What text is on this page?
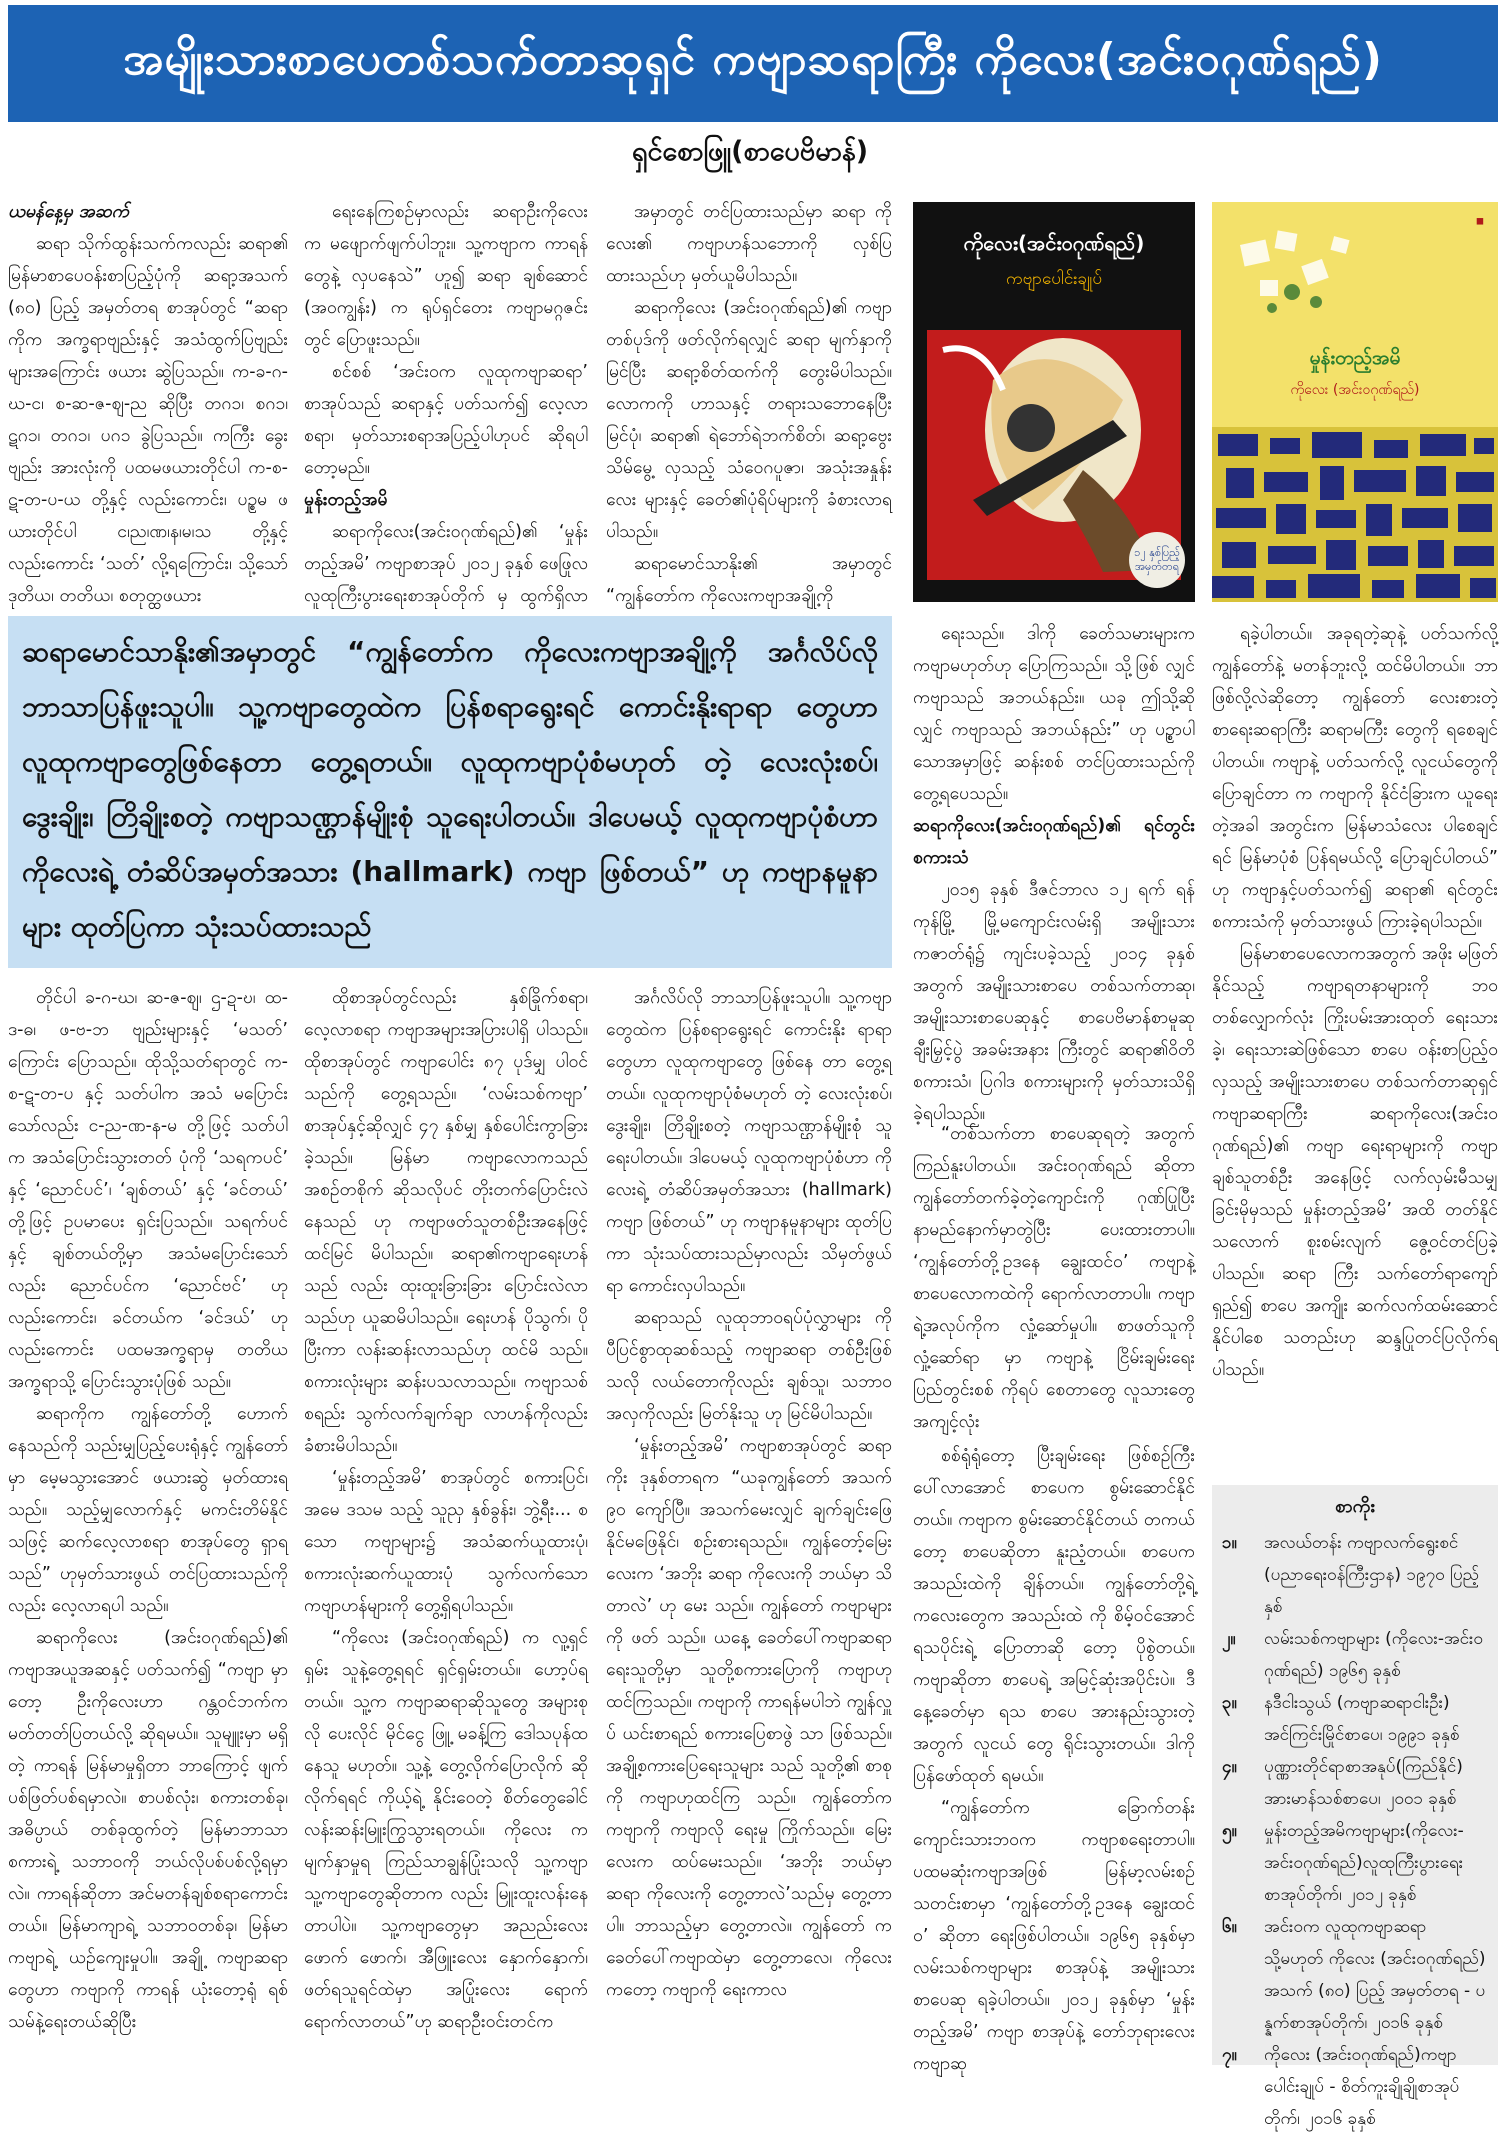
အမျိုးသားစာပေတစ်သက်တာဆုရှင် ကဗျာဆရာကြီး ကိုလေး(အင်းဝဂုဏ်ရည်)
ရှင်စောဖြူ(စာပေဗိမာန်)

ယမန်နေ့မှ အဆက်

ဆရာ သိုက်ထွန်းသက်ကလည်း ဆရာ၏ မြန်မာစာပေဝန်းစာပြည့်ပုံကို ဆရာ့အသက် (၈၀) ပြည့် အမှတ်တရ စာအုပ်တွင် “ဆရာကိုက အက္ခရာဗျည်းနှင့် အသံထွက်ပြဗျည်းများအကြောင်း ဖယား ဆွဲပြသည်။ က-ခ-ဂ-ဃ-င၊ စ-ဆ-ဇ-ဈ-ည ဆိုပြီး တဂ၁၊ စဂ၁၊ ဋဂ၁၊ တဂ၁၊ ပဂ၁ ခွဲပြသည်။ ကကြီး ခွေး ဗျည်း အားလုံးကို ပထမဖယားတိုင်ပါ က-စ-ဋ-တ-ပ-ယ တို့နှင့် လည်းကောင်း၊ ပဉ္စမ ဖယားတိုင်ပါ င၊ည၊ဏ၊န၊မ၊သ တို့နှင့် လည်းကောင်း ‘သတ်’ လို့ရကြောင်း၊ သို့သော် ဒုတိယ၊ တတိယ၊ စတုတ္ထဖယား

ရေးနေကြစဉ်မှာလည်း ဆရာဦးကိုလေး က မဖျောက်ဖျက်ပါဘူး။ သူ့ကဗျာက ကာရန်တွေနဲ့ လှပနေသဲ” ဟူ၍ ဆရာ ချစ်ဆောင် (အဝကျွန်း) က ရုပ်ရှင်တေး ကဗျာမဂ္ဂဇင်းတွင် ပြောဖူးသည်။

စင်စစ် ‘အင်းဝက လူထုကဗျာဆရာ’ စာအုပ်သည် ဆရာနှင့် ပတ်သက်၍ လေ့လာစရာ၊ မှတ်သားစရာအပြည့်ပါဟုပင် ဆိုရပါတော့မည်။

မှုန်းတည့်အမိ

ဆရာကိုလေး(အင်းဝဂုဏ်ရည်)၏ ‘မှုန်းတည့်အမိ’ ကဗျာစာအုပ် ၂၀၁၂ ခုနှစ် ဖေဖြုလ လူထုကြီးပွားရေးစာအုပ်တိုက် မှ ထွက်ရှိလာ

အမှာတွင် တင်ပြထားသည်မှာ ဆရာ ကိုလေး၏ ကဗျာဟန်သဘောကို လှစ်ပြ ထားသည်ဟု မှတ်ယူမိပါသည်။

ဆရာကိုလေး (အင်းဝဂုဏ်ရည်)၏ ကဗျာတစ်ပုဒ်ကို ဖတ်လိုက်ရလျှင် ဆရာ မျက်နှာကိုမြင်ပြီး ဆရာ့စိတ်ထက်ကို တွေးမိပါသည်။ လောကကို ဟာသနှင့် တရားသဘောနေပြီး မြင်ပုံ၊ ဆရာ၏ ရဲဘော်ရဲဘက်စိတ်၊ ဆရာ့ဗွေး သိမ်မွေ့ လှသည့် သံဝေဂပူဇာ၊ အသုံးအနှုန်းလေး များနှင့် ခေတ်၏ပုံရိပ်များကို ခံစားလာရ ပါသည်။

ဆရာမောင်သာနိုး၏ အမှာတွင် “ကျွန်တော်က ကိုလေးကဗျာအချို့ကို

ကိုလေး(အင်းဝဂုဏ်ရည်)
ကဗျာပေါင်းချုပ်
၁၂ နှစ်ပြည့် အမှတ်တရ
◼
မှုန်းတည့်အမိ
ကိုလေး (အင်းဝဂုဏ်ရည်)
ဆရာမောင်သာနိုး၏အမှာတွင် “ကျွန်တော်က ကိုလေးကဗျာအချို့ကို အင်္ဂလိပ်လို ဘာသာပြန်ဖူးသူပါ။ သူ့ကဗျာတွေထဲက ပြန်စရာရွေးရင် ကောင်းနိုးရာရာ တွေဟာ လူထုကဗျာတွေဖြစ်နေတာ တွေ့ရတယ်။ လူထုကဗျာပုံစံမဟုတ် တဲ့ လေးလုံးစပ်၊ ဒွေးချိုး၊ တြိချိုးစတဲ့ ကဗျာသဏ္ဌာန်မျိုးစုံ သူရေးပါတယ်။ ဒါပေမယ့် လူထုကဗျာပုံစံဟာ ကိုလေးရဲ့ တံဆိပ်အမှတ်အသား (hallmark) ကဗျာ ဖြစ်တယ်” ဟု ကဗျာနမူနာများ ထုတ်ပြကာ သုံးသပ်ထားသည်

ရေးသည်။ ဒါကို ခေတ်သမားများက ကဗျာမဟုတ်ဟု ပြောကြသည်။ သို့ဖြစ် လျှင် ကဗျာသည် အဘယ်နည်း။ ယခု ဤသို့ဆိုလျှင် ကဗျာသည် အဘယ်နည်း” ဟု ပဉ္စာပါသောအမှာဖြင့် ဆန်းစစ် တင်ပြထားသည်ကို တွေ့ရပေသည်။

ဆရာကိုလေး(အင်းဝဂုဏ်ရည်)၏ ရင်တွင်းစကားသံ

၂၀၁၅ ခုနှစ် ဒီဇင်ဘာလ ၁၂ ရက် ရန်ကုန်မြို့ မြို့မကျောင်းလမ်းရှိ အမျိုးသားကဇာတ်ရုံ၌ ကျင်းပခဲ့သည့် ၂၀၁၄ ခုနှစ်အတွက် အမျိုးသားစာပေ တစ်သက်တာဆု၊ အမျိုးသားစာပေဆုနှင့် စာပေဗိမာန်စာမူဆုချီးမြှင့်ပွဲ အခမ်းအနား ကြီးတွင် ဆရာ၏ဝိတိစကားသံ၊ ပြဂါဒ စကားများကို မှတ်သားသိရှိခဲ့ရပါသည်။

ရခဲ့ပါတယ်။ အခုရတဲ့ဆုနဲ့ ပတ်သက်လို့ ကျွန်တော်နဲ့ မတန်ဘူးလို့ ထင်မိပါတယ်။ ဘာဖြစ်လို့လဲဆိုတော့ ကျွန်တော် လေးစားတဲ့ စာရေးဆရာကြီး ဆရာမကြီး တွေကို ရစေချင်ပါတယ်။ ကဗျာနဲ့ ပတ်သက်လို့ လူငယ်တွေကို ပြောချင်တာ က ကဗျာကို နိုင်ငံခြားက ယူရေးတဲ့အခါ အတွင်းက မြန်မာသံလေး ပါစေချင်ရင် မြန်မာပုံစံ ပြန်ရမယ်လို့ ပြောချင်ပါတယ်” ဟု ကဗျာနှင့်ပတ်သက်၍ ဆရာ၏ ရင်တွင်းစကားသံကို မှတ်သားဖွယ် ကြားခဲ့ရပါသည်။

မြန်မာစာပေလောကအတွက် အဖိုး မဖြတ်နိုင်သည့် ကဗျာရတနာများကို ဘဝ တစ်လျှောက်လုံး ကြိုးပမ်းအားထုတ် ရေးသားခဲ့၊ ရေးသားဆဲဖြစ်သော စာပေ ဝန်းစာပြည့်ဝလှသည့် အမျိုးသားစာပေ တစ်သက်တာဆုရှင် ကဗျာဆရာကြီး ဆရာကိုလေး(အင်းဝဂုဏ်ရည်)၏ ကဗျာ ရေးရာများကို ကဗျာချစ်သူတစ်ဦး အနေဖြင့် လက်လှမ်းမီသမျှ ခြင်းမိုမှသည် မှုန်းတည့်အမိ’ အထိ တတ်နိုင်သလောက် စူးစမ်းလျက် ဇွေ့ဝင်တင်ပြခဲ့ပါသည်။ ဆရာ ကြီး သက်တော်ရာကျော်ရှည်၍ စာပေ အကျိုး ဆက်လက်ထမ်းဆောင်နိုင်ပါစေ သတည်းဟု ဆန္ဒပြုတင်ပြလိုက်ရပါသည်။

တိုင်ပါ ခ-ဂ-ဃ၊ ဆ-ဇ-ဈ၊ ဌ-ဍ-ဎ၊ ထ-ဒ-ဓ၊ ဖ-ဗ-ဘ ဗျည်းများနှင့် ‘မသတ်’ ကြောင်း ပြောသည်။ ထိုသို့သတ်ရာတွင် က-စ-ဋ-တ-ပ နှင့် သတ်ပါက အသံ မပြောင်းသော်လည်း င-ည-ဏ-န-မ တို့ဖြင့် သတ်ပါက အသံပြောင်းသွားတတ် ပုံကို ‘သရကပင်’ နှင့် ‘ညောင်ပင်’၊ ‘ချစ်တယ်’ နှင့် ‘ခင်တယ်’ တို့ဖြင့် ဥပမာပေး ရှင်းပြသည်။ သရက်ပင်နှင့် ချစ်တယ်တို့မှာ အသံမပြောင်းသော် လည်း ညောင်ပင်က ‘ညောင်ဗင်’ ဟု လည်းကောင်း၊ ခင်တယ်က ‘ခင်ဒယ်’ ဟုလည်းကောင်း ပထမအက္ခရာမှ တတိယအက္ခရာသို့ ပြောင်းသွားပုံဖြစ် သည်။

ဆရာကိုက ကျွန်တော်တို့ ဟောက်နေသည်ကို သည်းမျှပြည့်ပေးရုံနှင့် ကျွန်တော်မှာ မေ့မသွားအောင် ဖယားဆွဲ မှတ်ထားရသည်။ သည့်မျှလောက်နှင့် မကင်းတိမ်နိုင်သဖြင့် ဆက်လေ့လာစရာ စာအုပ်တွေ ရှာရသည်” ဟုမှတ်သားဖွယ် တင်ပြထားသည်ကိုလည်း လေ့လာရပါ သည်။

ဆရာကိုလေး (အင်းဝဂုဏ်ရည်)၏ ကဗျာအယူအဆနှင့် ပတ်သက်၍ “ကဗျာ မှာတော့ ဦးကိုလေးဟာ ဂန္တဝင်ဘက်က မတ်တတ်ပြတယ်လို့ ဆိုရမယ်။ သူမျူးမှာ မရှိတဲ့ ကာရန် မြန်မာမှုရှိတာ ဘာကြောင့် ဖျက်ပစ်ဖြတ်ပစ်ရမှာလဲ။ စာပစ်လုံး၊ စကားတစ်ခု၊ အဓိပ္ပာယ် တစ်ခုထွက်တဲ့ မြန်မာဘာသာစကားရဲ့ သဘာဝကို ဘယ်လိုပစ်ပစ်လို့ရမှာလဲ။ ကာရန်ဆိုတာ အင်မတန်ချစ်စရာကောင်း တယ်။ မြန်မာကျာရဲ့ သဘာဝတစ်ခု၊ မြန်မာကဗျာရဲ့ ယဉ်ကျေးမှုပါ။ အချို့ ကဗျာဆရာတွေဟာ ကဗျာကို ကာရန် ယုံးတော့ရုံ ရစ်သမ်နဲ့ရေးတယ်ဆိုပြီး

ထိုစာအုပ်တွင်လည်း နှစ်ခြိုက်စရာ၊ လေ့လာစရာ ကဗျာအများအပြားပါရှိ ပါသည်။ ထိုစာအုပ်တွင် ကဗျာပေါင်း ၈၇ ပုဒ်မျှ ပါဝင်သည်ကို တွေ့ရသည်။ ‘လမ်းသစ်ကဗျာ’ စာအုပ်နှင့်ဆိုလျှင် ၄၇ နှစ်မျှ နှစ်ပေါင်းကွာခြားခဲ့သည်။ မြန်မာ ကဗျာလောကသည် အစဉ်တစိုက် ဆိုသလိုပင် တိုးတက်ပြောင်းလဲနေသည် ဟု ကဗျာဖတ်သူတစ်ဦးအနေဖြင့် ထင်မြင် မိပါသည်။ ဆရာ၏ကဗျာရေးဟန်သည် လည်း ထုးထူးခြားခြား ပြောင်းလဲလာ သည်ဟု ယူဆမိပါသည်။ ရေးဟန် ပိုသွက်၊ ပိုပြီးကာ လန်းဆန်းလာသည်ဟု ထင်မိ သည်။ စကားလုံးများ ဆန်းပသလာသည်။ ကဗျာသစ်စရည်း သွက်လက်ချက်ချာ လာဟန်ကိုလည်း ခံစားမိပါသည်။

‘မှုန်းတည့်အမိ’ စာအုပ်တွင် စကားပြင်၊ အမေ ဒသမ သည့် သူညှ နှစ်ခွန်း၊ ဘွဲ့ရီး... စသော ကဗျာများ၌ အသံဆက်ယူထားပုံ၊ စကားလုံးဆက်ယူထားပုံ သွက်လက်သော ကဗျာဟန်များကို တွေ့ရှိရပါသည်။

“ကိုလေး (အင်းဝဂုဏ်ရည်) က လူ့ရှင်ရှမ်း သူနဲ့တွေ့ရရင် ရှင်ရှမ်းတယ်။ ဟော့ပ်ရတယ်။ သူ့က ကဗျာဆရာဆိုသူတွေ အများစုလို ပေးလိုင် မိုင်ငွေ ဖြူ့ မခန့်ကြ ဒေါသပုန်ထနေသူ မဟုတ်။ သူ့နဲ့ တွေ့လိုက်ပြောလိုက် ဆိုလိုက်ရရင် ကိုယ့်ရဲ့ နိုင်းဝေတဲ့ စိတ်တွေခေါင် လန်းဆန်းမြူးကြွသွားရတယ်။ ကိုလေး က မျက်နှာမှုရ ကြည်သာချွန်ပြုံးသလို သူ့ကဗျာ သူ့ကဗျာတွေဆိုတာက လည်း မြူးထူးလန်းနေတာပါပဲ။ သူ့ကဗျာတွေမှာ အညည်းလေး ဖောက် ဖောက်၊ အီဖြူးလေး နှောက်နှောက်၊ ဖတ်ရသူရင်ထဲမှာ အပြုံးလေး ရောက် ရောက်လာတယ်”ဟု ဆရာဦးဝင်းတင်က

အင်္ဂလိပ်လို ဘာသာပြန်ဖူးသူပါ။ သူ့ကဗျာ တွေထဲက ပြန်စရာရွေးရင် ကောင်းနိုး ရာရာတွေဟာ လူထုကဗျာတွေ ဖြစ်နေ တာ တွေ့ရတယ်။ လူထုကဗျာပုံစံမဟုတ် တဲ့ လေးလုံးစပ်၊ ဒွေးချိုး၊ တြိချိုးစတဲ့ ကဗျာသဏ္ဌာန်မျိုးစုံ သူရေးပါတယ်။ ဒါပေမယ့် လူထုကဗျာပုံစံဟာ ကိုလေးရဲ့ တံဆိပ်အမှတ်အသား (hallmark) ကဗျာ ဖြစ်တယ်” ဟု ကဗျာနမူနာများ ထုတ်ပြ ကာ သုံးသပ်ထားသည်မှာလည်း သိမှတ်ဖွယ် ရာ ကောင်းလှပါသည်။

ဆရာသည် လူထုဘာဝရပ်ပုံလွှာများ ကို ပီပြင်စွာထုဆစ်သည့် ကဗျာဆရာ တစ်ဦးဖြစ်သလို လယ်တောကိုလည်း ချစ်သူ၊ သဘာဝအလှကိုလည်း မြတ်နိုးသူ ဟု မြင်မိပါသည်။

‘မှုန်းတည့်အမိ’ ကဗျာစာအုပ်တွင် ဆရာကိုး ဒုနှစ်တာရက “ယခုကျွန်တော် အသက် ၉၀ ကျော်ပြီ။ အသက်မေးလျှင် ချက်ချင်းဖြေနိုင်မဖြေနိုင်၊ စဉ်းစားရသည်။ ကျွန်တော့်မြေးလေးက ‘အဘိုး ဆရာ ကိုလေးကို ဘယ်မှာ သိတာလဲ’ ဟု မေး သည်။ ကျွန်တော် ကဗျာများကို ဖတ် သည်။ ယနေ့ ခေတ်ပေါ်ကဗျာဆရာ ရေးသူတို့မှာ သူတို့စကားပြောကို ကဗျာဟု ထင်ကြသည်။ ကဗျာကို ကာရန်မပါဘဲ ကျွန်လှူပ် ယင်းစာရည် စကားပြေစာဖွဲ သာ ဖြစ်သည်။ အချို့စကားပြေရေးသူများ သည် သူတို့၏ စာစုကို ကဗျာဟုထင်ကြ သည်။ ကျွန်တော်က ကဗျာကို ကဗျာလို ရေးမှု ကြိုက်သည်။ မြေးလေးက ထပ်မေးသည်။ ‘အဘိုး ဘယ်မှာ ဆရာ ကိုလေးကို တွေ့တာလဲ’သည်မှ တွေ့တာ ပါ။ ဘာသည့်မှာ တွေ့တာလဲ။ ကျွန်တော် က ခေတ်ပေါ်ကဗျာထဲမှာ တွေ့တာလေ၊ ကိုလေးကတော့ ကဗျာကို ရေးကာလ

“တစ်သက်တာ စာပေဆုရတဲ့ အတွက် ကြည်နူးပါတယ်။ အင်းဝဂုဏ်ရည် ဆိုတာ ကျွန်တော်တက်ခဲ့တဲ့ကျောင်းကို ဂုဏ်ပြုပြီး နာမည်နောက်မှာတွဲပြီး ပေးထားတာပါ။ ‘ကျွန်တော်တို့ဥဒနေ ချွေးထင်ဝ’ ကဗျာနဲ့ စာပေလောကထဲကို ရောက်လာတာပါ။ ကဗျာရဲ့အလုပ်ကိုက လှုံ့ဆော်မှုပါ။ စာဖတ်သူကို လှုံ့ဆော်ရာ မှာ ကဗျာနဲ့ ငြိမ်းချမ်းရေး ပြည်တွင်းစစ် ကိုရပ် စေတာတွေ လူသားတွေ အကျင့်လုံး

စစ်ရုံရုံတော့ ပြီးချမ်းရေး ဖြစ်စဉ်ကြီး ပေါ်လာအောင် စာပေက စွမ်းဆောင်နိုင် တယ်။ ကဗျာက စွမ်းဆောင်နိုင်တယ် တကယ်တော့ စာပေဆိုတာ နူးညံ့တယ်။ စာပေက အသည်းထဲကို ချိန်တယ်။ ကျွန်တော်တို့ရဲ့ ကလေးတွေက အသည်းထဲ ကို စိမ့်ဝင်အောင် ရသပိုင်းရဲ့ ပြောတာဆို တော့ ပိုစွဲတယ်။ ကဗျာဆိုတာ စာပေရဲ့ အမြင့်ဆုံးအပိုင်းပဲ။ ဒီနေ့ခေတ်မှာ ရသ စာပေ အားနည်းသွားတဲ့အတွက် လူငယ် တွေ ရိုင်းသွားတယ်။ ဒါကို ပြန်ဖော်ထုတ် ရမယ်။

“ကျွန်တော်က ခြောက်တန်း ကျောင်းသားဘဝက ကဗျာစရေးတာပါ။ ပထမဆုံးကဗျာအဖြစ် မြန်မာ့လမ်းစဉ် သတင်းစာမှာ ‘ကျွန်တော်တို့ဥဒနေ ချွေးထင်ဝ’ ဆိုတာ ရေးဖြစ်ပါတယ်။ ၁၉၆၅ ခုနှစ်မှာ လမ်းသစ်ကဗျာများ စာအုပ်နဲ့ အမျိုးသားစာပေဆု ရခဲ့ပါတယ်။ ၂၀၁၂ ခုနှစ်မှာ ‘မှုန်းတည့်အမိ’ ကဗျာ စာအုပ်နဲ့ တော်ဘုရားလေးကဗျာဆု

စာကိုး
၁။	အလယ်တန်း ကဗျာလက်ရွေးစင် (ပညာရေးဝန်ကြီးဌာန) ၁၉၇၀ ပြည့်နှစ်
၂။	လမ်းသစ်ကဗျာများ (ကိုလေး-အင်းဝဂုဏ်ရည်) ၁၉၆၅ ခုနှစ်
၃။	နဒီငါးသွယ် (ကဗျာဆရာငါးဦး) အင်ကြင်းမြိုင်စာပေ၊ ၁၉၉၁ ခုနှစ်
၄။	ပုဏ္ဏားတိုင်ရာစာအနုပ်(ကြည်နိုင်) အားမာန်သစ်စာပေ၊ ၂၀၀၁ ခုနှစ်
၅။	မှုန်းတည့်အမိကဗျာများ(ကိုလေး-အင်းဝဂုဏ်ရည်)လူထုကြီးပွားရေး စာအုပ်တိုက်၊ ၂၀၁၂ ခုနှစ်
၆။	အင်းဝက လူထုကဗျာဆရာ သို့မဟုတ် ကိုလေး (အင်းဝဂုဏ်ရည်) အသက် (၈၀) ပြည့် အမှတ်တရ - ပန္နက်စာအုပ်တိုက်၊ ၂၀၁၆ ခုနှစ်
၇။	ကိုလေး (အင်းဝဂုဏ်ရည်)ကဗျာ ပေါင်းချုပ် - စိတ်ကူးချိုချိုစာအုပ် တိုက်၊ ၂၀၁၆ ခုနှစ်
